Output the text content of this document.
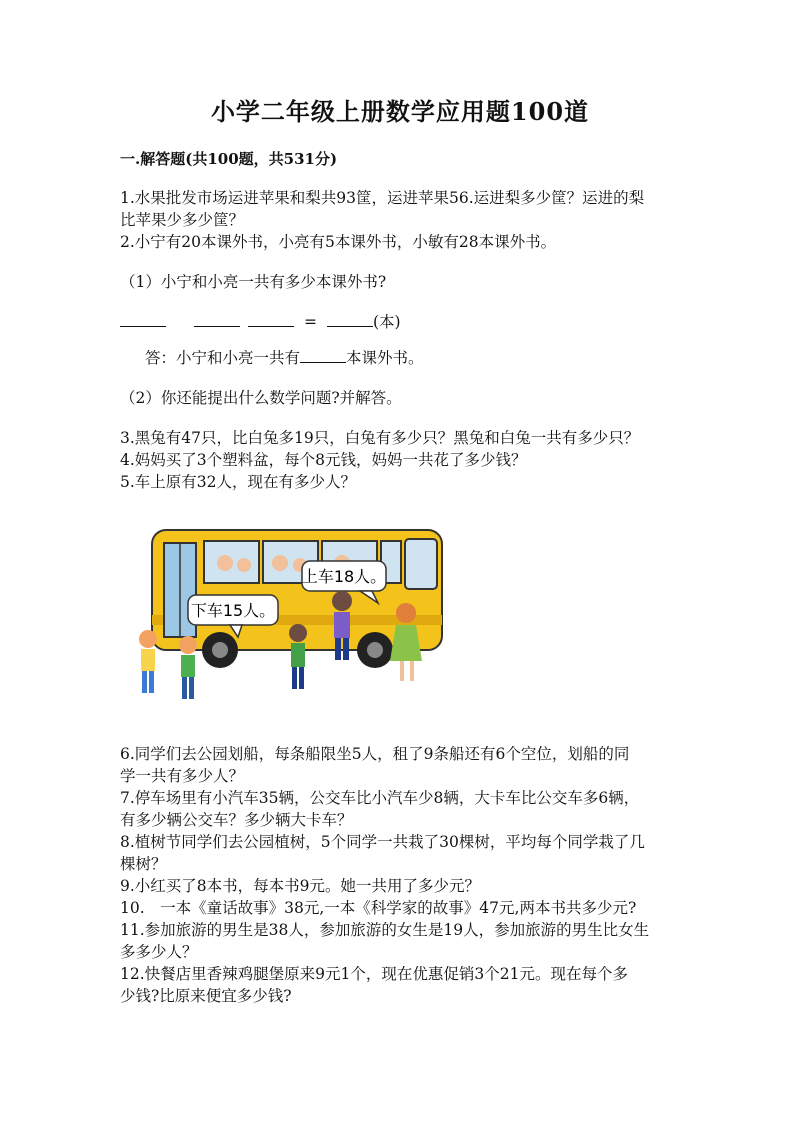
小学二年级上册数学应用题100道
一.解答题(共100题，共531分)
1.水果批发市场运进苹果和梨共93筐，运进苹果56.运进梨多少筐？运进的梨
比苹果少多少筐？
2.小宁有20本课外书，小亮有5本课外书，小敏有28本课外书。
（1）小宁和小亮一共有多少本课外书?
=	(本)
答：小宁和小亮一共有	本课外书。
（2）你还能提出什么数学问题?并解答。
3.黑兔有47只，比白兔多19只，白兔有多少只？黑兔和白兔一共有多少只？
4.妈妈买了3个塑料盆，每个8元钱，妈妈一共花了多少钱？
5.车上原有32人，现在有多少人？
上车18人。
下车15人。
6.同学们去公园划船，每条船限坐5人，租了9条船还有6个空位，划船的同
学一共有多少人？
7.停车场里有小汽车35辆，公交车比小汽车少8辆，大卡车比公交车多6辆，
有多少辆公交车？多少辆大卡车？
8.植树节同学们去公园植树，5个同学一共栽了30棵树，平均每个同学栽了几
棵树？
9.小红买了8本书，每本书9元。她一共用了多少元？
10.　一本《童话故事》38元,一本《科学家的故事》47元,两本书共多少元?
11.参加旅游的男生是38人，参加旅游的女生是19人，参加旅游的男生比女生
多多少人？
12.快餐店里香辣鸡腿堡原来9元1个，现在优惠促销3个21元。现在每个多
少钱?比原来便宜多少钱?
